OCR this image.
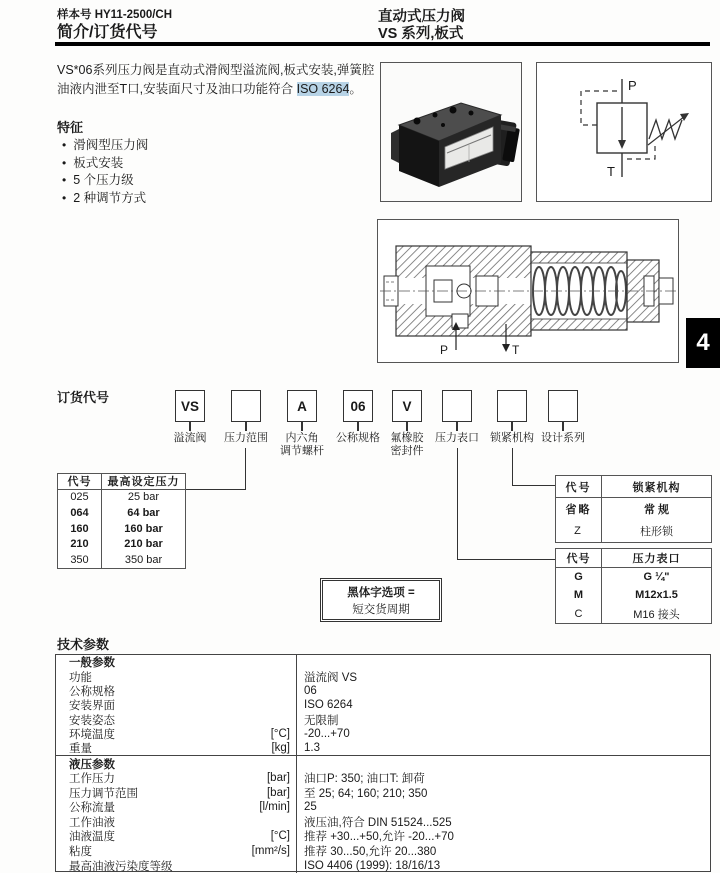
样本号 HY11-2500/CH
简介/订货代号
直动式压力阀
VS 系列,板式

VS*06系列压力阀是直动式滑阀型溢流阀,板式安装,弹簧腔油液内泄至T口,安装面尺寸及油口功能符合 ISO 6264。

特征
• 滑阀型压力阀
• 板式安装
• 5 个压力级
• 2 种调节方式
P
T
P	T	4
订货代号
VS
溢流阀 压力范围
A
内六角
调节螺杆
06
公称规格
V
氟橡胶
密封件
压力表口 锁紧机构 设计系列
代号	最高设定压力
025	25 bar
064	64 bar
160	160 bar
210	210 bar
350	350 bar
代号	锁紧机构
省略	常 规
Z	柱形锁
代号	压力表口
G	G ¼"
M	M12x1.5
C	M16 接头
黑体字选项 =
短交货周期
技术参数
一般参数
功能	溢流阀 VS
公称规格	06
安装界面	ISO 6264
安装姿态	无限制
环境温度	[°C]	-20...+70
重量	[kg]	1.3
液压参数
工作压力	[bar]	油口P: 350; 油口T: 卸荷
压力调节范围	[bar]	至 25; 64; 160; 210; 350
公称流量	[l/min]	25
工作油液	液压油,符合 DIN 51524...525
油液温度	[°C]	推荐 +30...+50,允许 -20...+70
粘度	[mm²/s]	推荐 30...50,允许 20...380
最高油液污染度等级	ISO 4406 (1999): 18/16/13
